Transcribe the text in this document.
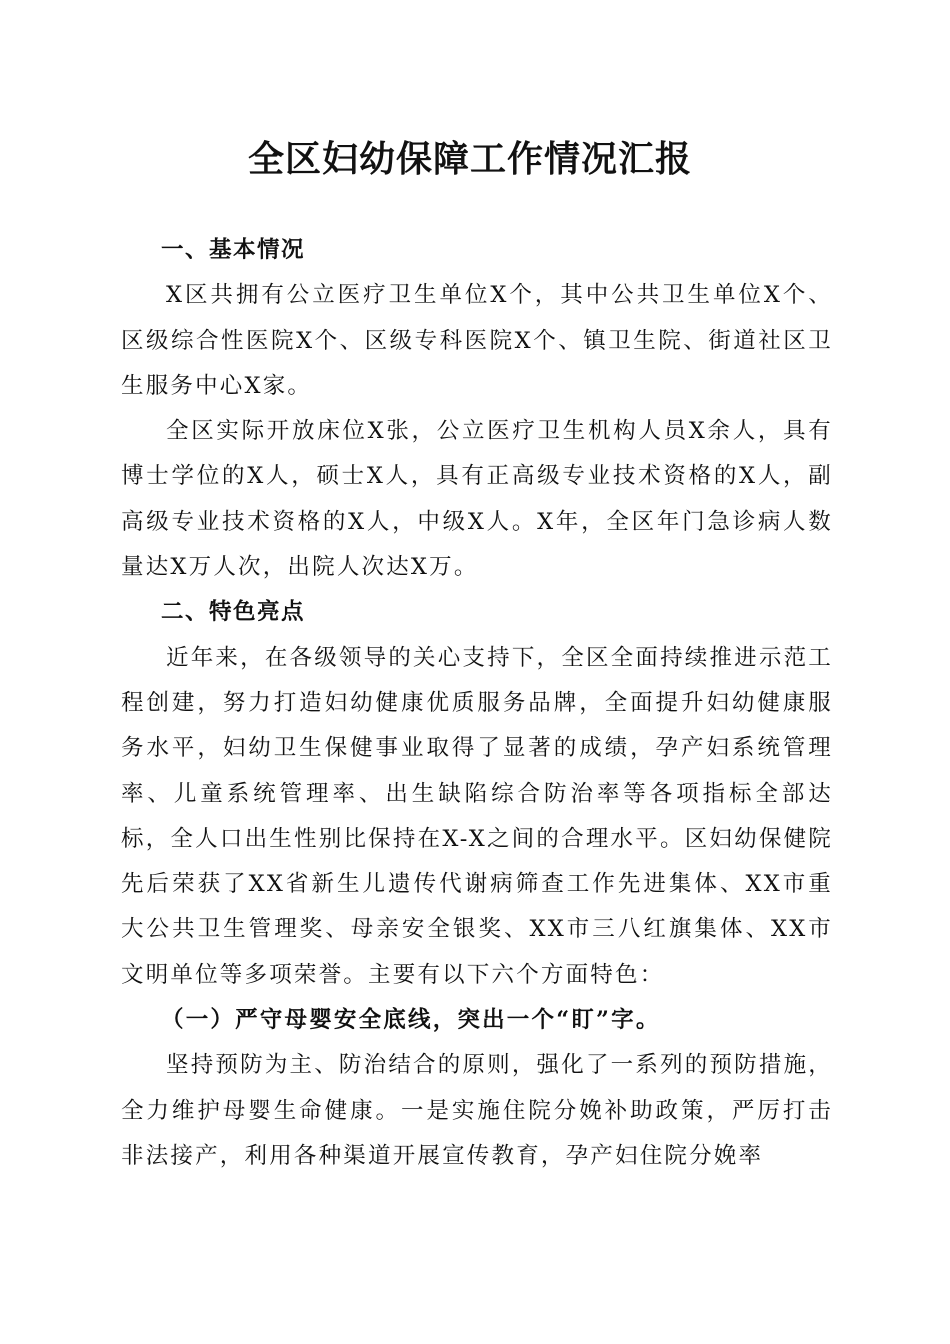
全区妇幼保障工作情况汇报
一、基本情况

X区共拥有公立医疗卫生单位X个，其中公共卫生单位X个、区级综合性医院X个、区级专科医院X个、镇卫生院、街道社区卫生服务中心X家。

全区实际开放床位X张，公立医疗卫生机构人员X余人，具有博士学位的X人，硕士X人，具有正高级专业技术资格的X人，副高级专业技术资格的X人，中级X人。X年，全区年门急诊病人数量达X万人次，出院人次达X万。

二、特色亮点

近年来，在各级领导的关心支持下，全区全面持续推进示范工程创建，努力打造妇幼健康优质服务品牌，全面提升妇幼健康服务水平，妇幼卫生保健事业取得了显著的成绩，孕产妇系统管理率、儿童系统管理率、出生缺陷综合防治率等各项指标全部达标，全人口出生性别比保持在X-X之间的合理水平。区妇幼保健院先后荣获了XX省新生儿遗传代谢病筛查工作先进集体、XX市重大公共卫生管理奖、母亲安全银奖、XX市三八红旗集体、XX市文明单位等多项荣誉。主要有以下六个方面特色：

（一）严守母婴安全底线，突出一个“盯”字。

坚持预防为主、防治结合的原则，强化了一系列的预防措施，全力维护母婴生命健康。一是实施住院分娩补助政策，严厉打击非法接产，利用各种渠道开展宣传教育，孕产妇住院分娩率
